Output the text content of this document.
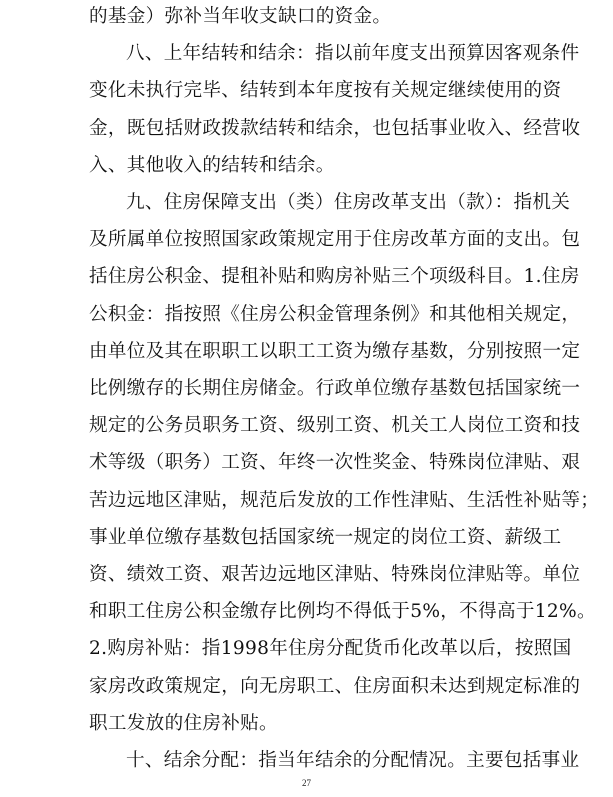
的基金）弥补当年收支缺口的资金。
八、上年结转和结余：指以前年度支出预算因客观条件
变化未执行完毕、结转到本年度按有关规定继续使用的资
金，既包括财政拨款结转和结余，也包括事业收入、经营收
入、其他收入的结转和结余。
九、住房保障支出（类）住房改革支出（款）：指机关
及所属单位按照国家政策规定用于住房改革方面的支出。包
括住房公积金、提租补贴和购房补贴三个项级科目。1.住房
公积金：指按照《住房公积金管理条例》和其他相关规定，
由单位及其在职职工以职工工资为缴存基数，分别按照一定
比例缴存的长期住房储金。行政单位缴存基数包括国家统一
规定的公务员职务工资、级别工资、机关工人岗位工资和技
术等级（职务）工资、年终一次性奖金、特殊岗位津贴、艰
苦边远地区津贴，规范后发放的工作性津贴、生活性补贴等；
事业单位缴存基数包括国家统一规定的岗位工资、薪级工
资、绩效工资、艰苦边远地区津贴、特殊岗位津贴等。单位
和职工住房公积金缴存比例均不得低于5%，不得高于12%。
2.购房补贴：指1998年住房分配货币化改革以后，按照国
家房改政策规定，向无房职工、住房面积未达到规定标准的
职工发放的住房补贴。
十、结余分配：指当年结余的分配情况。主要包括事业
27
